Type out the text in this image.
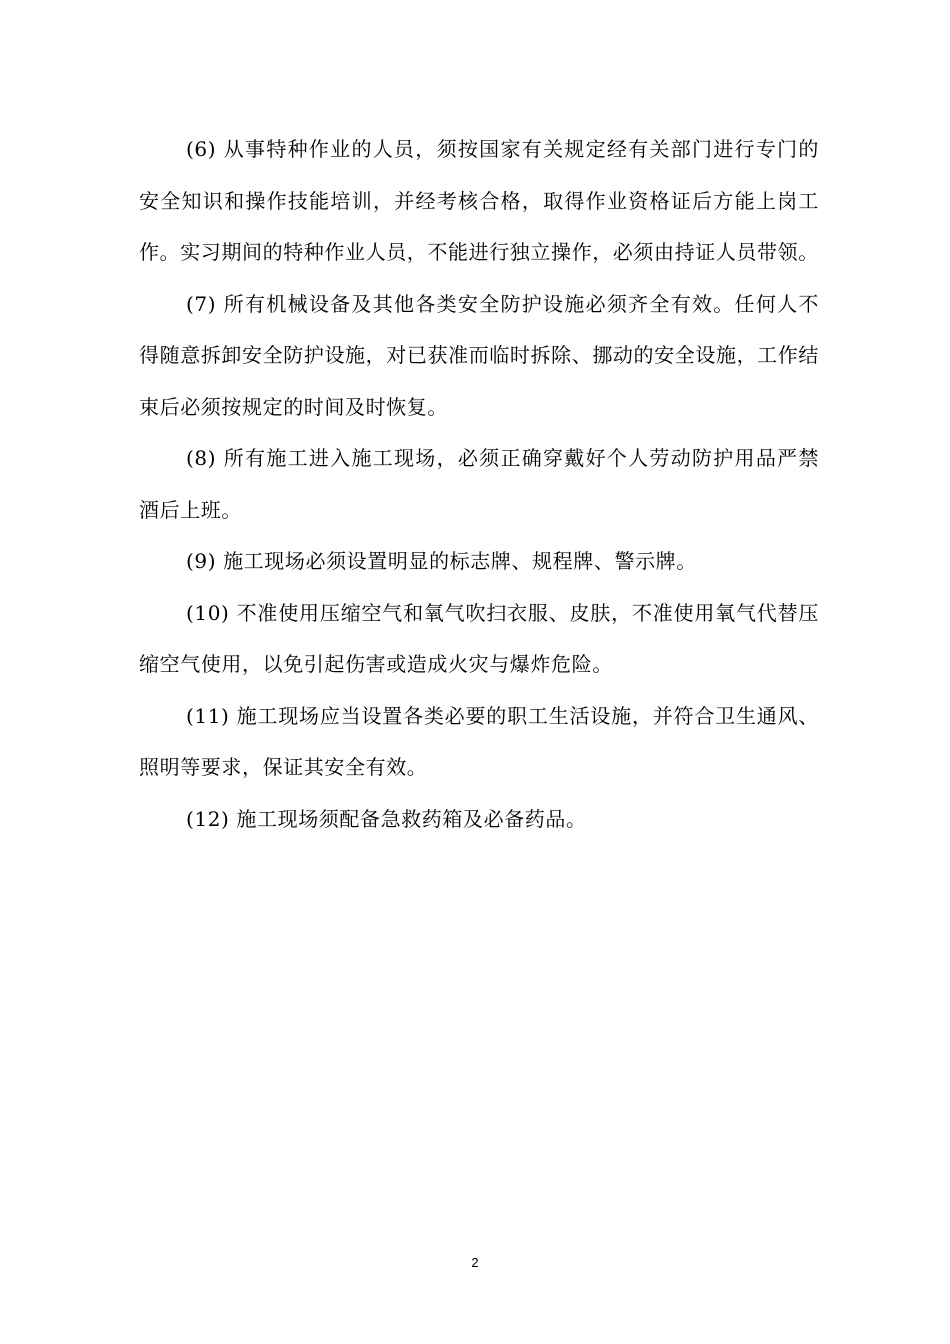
(6) 从事特种作业的人员，须按国家有关规定经有关部门进行专门的安全知识和操作技能培训，并经考核合格，取得作业资格证后方能上岗工作。实习期间的特种作业人员，不能进行独立操作，必须由持证人员带领。

(7) 所有机械设备及其他各类安全防护设施必须齐全有效。任何人不得随意拆卸安全防护设施，对已获准而临时拆除、挪动的安全设施，工作结束后必须按规定的时间及时恢复。

(8) 所有施工进入施工现场，必须正确穿戴好个人劳动防护用品严禁酒后上班。

(9) 施工现场必须设置明显的标志牌、规程牌、警示牌。

(10) 不准使用压缩空气和氧气吹扫衣服、皮肤，不准使用氧气代替压缩空气使用，以免引起伤害或造成火灾与爆炸危险。

(11) 施工现场应当设置各类必要的职工生活设施，并符合卫生通风、照明等要求，保证其安全有效。

(12) 施工现场须配备急救药箱及必备药品。

2
